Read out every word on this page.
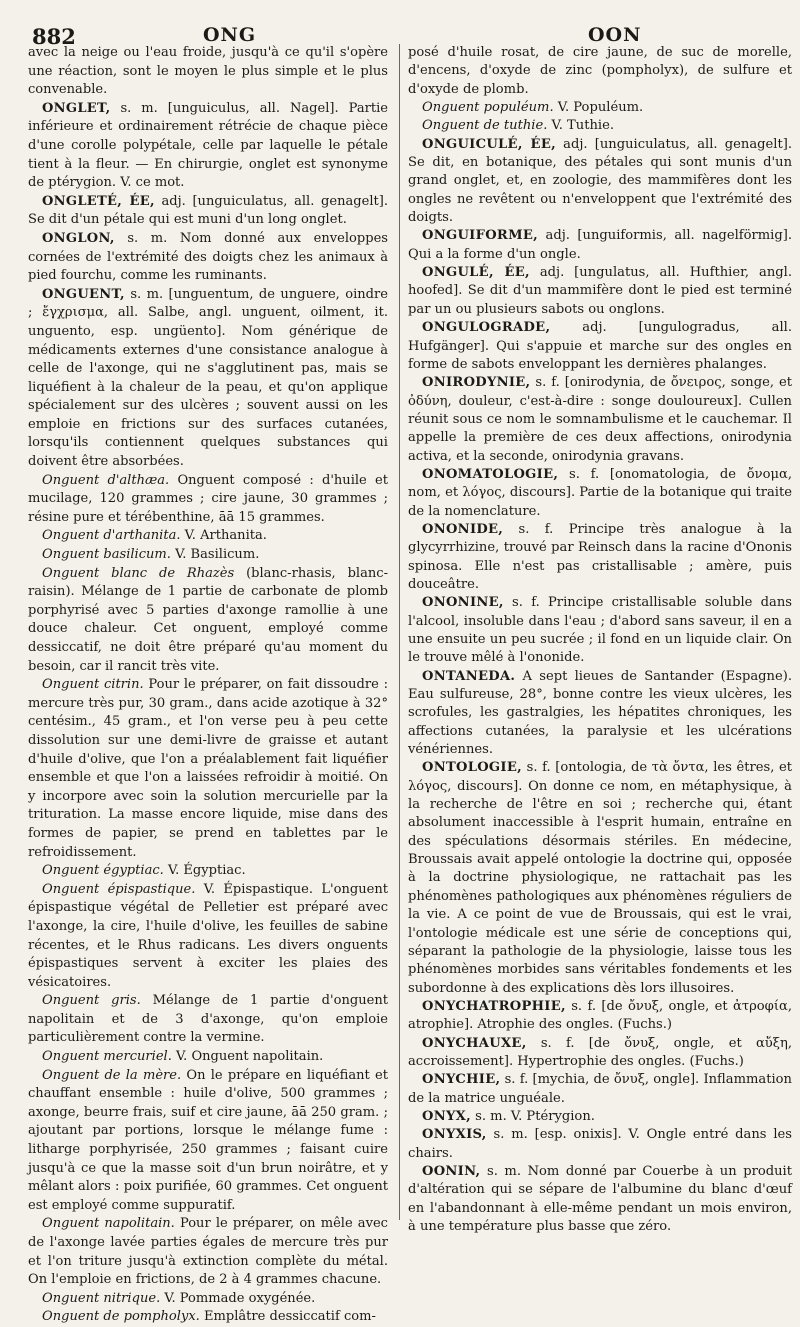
882	ONG	OON

avec la neige ou l'eau froide, jusqu'à ce qu'il s'opère une réaction, sont le moyen le plus simple et le plus convenable.

ONGLET, s. m. [unguiculus, all. Nagel]. Partie inférieure et ordinairement rétrécie de chaque pièce d'une corolle polypétale, celle par laquelle le pétale tient à la fleur. — En chirurgie, onglet est synonyme de ptérygion. V. ce mot.

ONGLETÉ, ÉE, adj. [unguiculatus, all. genagelt]. Se dit d'un pétale qui est muni d'un long onglet.

ONGLON, s. m. Nom donné aux enveloppes cornées de l'extrémité des doigts chez les animaux à pied fourchu, comme les ruminants.

ONGUENT, s. m. [unguentum, de unguere, oindre ; ἔγχρισμα, all. Salbe, angl. unguent, oilment, it. unguento, esp. ungüento]. Nom générique de médicaments externes d'une consistance analogue à celle de l'axonge, qui ne s'agglutinent pas, mais se liquéfient à la chaleur de la peau, et qu'on applique spécialement sur des ulcères ; souvent aussi on les emploie en frictions sur des surfaces cutanées, lorsqu'ils contiennent quelques substances qui doivent être absorbées.

Onguent d'althæa. Onguent composé : d'huile et mucilage, 120 grammes ; cire jaune, 30 grammes ; résine pure et térébenthine, āā 15 grammes.

Onguent d'arthanita. V. Arthanita.

Onguent basilicum. V. Basilicum.

Onguent blanc de Rhazès (blanc-rhasis, blanc-raisin). Mélange de 1 partie de carbonate de plomb porphyrisé avec 5 parties d'axonge ramollie à une douce chaleur. Cet onguent, employé comme dessiccatif, ne doit être préparé qu'au moment du besoin, car il rancit très vite.

Onguent citrin. Pour le préparer, on fait dissoudre : mercure très pur, 30 gram., dans acide azotique à 32° centésim., 45 gram., et l'on verse peu à peu cette dissolution sur une demi-livre de graisse et autant d'huile d'olive, que l'on a préalablement fait liquéfier ensemble et que l'on a laissées refroidir à moitié. On y incorpore avec soin la solution mercurielle par la trituration. La masse encore liquide, mise dans des formes de papier, se prend en tablettes par le refroidissement.

Onguent égyptiac. V. Égyptiac.

Onguent épispastique. V. Épispastique. L'onguent épispastique végétal de Pelletier est préparé avec l'axonge, la cire, l'huile d'olive, les feuilles de sabine récentes, et le Rhus radicans. Les divers onguents épispastiques servent à exciter les plaies des vésicatoires.

Onguent gris. Mélange de 1 partie d'onguent napolitain et de 3 d'axonge, qu'on emploie particulièrement contre la vermine.

Onguent mercuriel. V. Onguent napolitain.

Onguent de la mère. On le prépare en liquéfiant et chauffant ensemble : huile d'olive, 500 grammes ; axonge, beurre frais, suif et cire jaune, āā 250 gram. ; ajoutant par portions, lorsque le mélange fume : litharge porphyrisée, 250 grammes ; faisant cuire jusqu'à ce que la masse soit d'un brun noirâtre, et y mêlant alors : poix purifiée, 60 grammes. Cet onguent est employé comme suppuratif.

Onguent napolitain. Pour le préparer, on mêle avec de l'axonge lavée parties égales de mercure très pur et l'on triture jusqu'à extinction complète du métal. On l'emploie en frictions, de 2 à 4 grammes chacune.

Onguent nitrique. V. Pommade oxygénée.

Onguent de pompholyx. Emplâtre dessiccatif com-

posé d'huile rosat, de cire jaune, de suc de morelle, d'encens, d'oxyde de zinc (pompholyx), de sulfure et d'oxyde de plomb.

Onguent populéum. V. Populéum.

Onguent de tuthie. V. Tuthie.

ONGUICULÉ, ÉE, adj. [unguiculatus, all. genagelt]. Se dit, en botanique, des pétales qui sont munis d'un grand onglet, et, en zoologie, des mammifères dont les ongles ne revêtent ou n'enveloppent que l'extrémité des doigts.

ONGUIFORME, adj. [unguiformis, all. nagelförmig]. Qui a la forme d'un ongle.

ONGULÉ, ÉE, adj. [ungulatus, all. Hufthier, angl. hoofed]. Se dit d'un mammifère dont le pied est terminé par un ou plusieurs sabots ou onglons.

ONGULOGRADE, adj. [ungulogradus, all. Hufgänger]. Qui s'appuie et marche sur des ongles en forme de sabots enveloppant les dernières phalanges.

ONIRODYNIE, s. f. [onirodynia, de ὄνειρος, songe, et ὀδύνη, douleur, c'est-à-dire : songe douloureux]. Cullen réunit sous ce nom le somnambulisme et le cauchemar. Il appelle la première de ces deux affections, onirodynia activa, et la seconde, onirodynia gravans.

ONOMATOLOGIE, s. f. [onomatologia, de ὄνομα, nom, et λόγος, discours]. Partie de la botanique qui traite de la nomenclature.

ONONIDE, s. f. Principe très analogue à la glycyrrhizine, trouvé par Reinsch dans la racine d'Ononis spinosa. Elle n'est pas cristallisable ; amère, puis douceâtre.

ONONINE, s. f. Principe cristallisable soluble dans l'alcool, insoluble dans l'eau ; d'abord sans saveur, il en a une ensuite un peu sucrée ; il fond en un liquide clair. On le trouve mêlé à l'ononide.

ONTANEDA. A sept lieues de Santander (Espagne). Eau sulfureuse, 28°, bonne contre les vieux ulcères, les scrofules, les gastralgies, les hépatites chroniques, les affections cutanées, la paralysie et les ulcérations vénériennes.

ONTOLOGIE, s. f. [ontologia, de τὰ ὄντα, les êtres, et λόγος, discours]. On donne ce nom, en métaphysique, à la recherche de l'être en soi ; recherche qui, étant absolument inaccessible à l'esprit humain, entraîne en des spéculations désormais stériles. En médecine, Broussais avait appelé ontologie la doctrine qui, opposée à la doctrine physiologique, ne rattachait pas les phénomènes pathologiques aux phénomènes réguliers de la vie. A ce point de vue de Broussais, qui est le vrai, l'ontologie médicale est une série de conceptions qui, séparant la pathologie de la physiologie, laisse tous les phénomènes morbides sans véritables fondements et les subordonne à des explications dès lors illusoires.

ONYCHATROPHIE, s. f. [de ὄνυξ, ongle, et ἀτροφία, atrophie]. Atrophie des ongles. (Fuchs.)

ONYCHAUXE, s. f. [de ὄνυξ, ongle, et αὔξη, accroissement]. Hypertrophie des ongles. (Fuchs.)

ONYCHIE, s. f. [mychia, de ὄνυξ, ongle]. Inflammation de la matrice unguéale.

ONYX, s. m. V. Ptérygion.

ONYXIS, s. m. [esp. onixis]. V. Ongle entré dans les chairs.

OONIN, s. m. Nom donné par Couerbe à un produit d'altération qui se sépare de l'albumine du blanc d'œuf en l'abandonnant à elle-même pendant un mois environ, à une température plus basse que zéro.
